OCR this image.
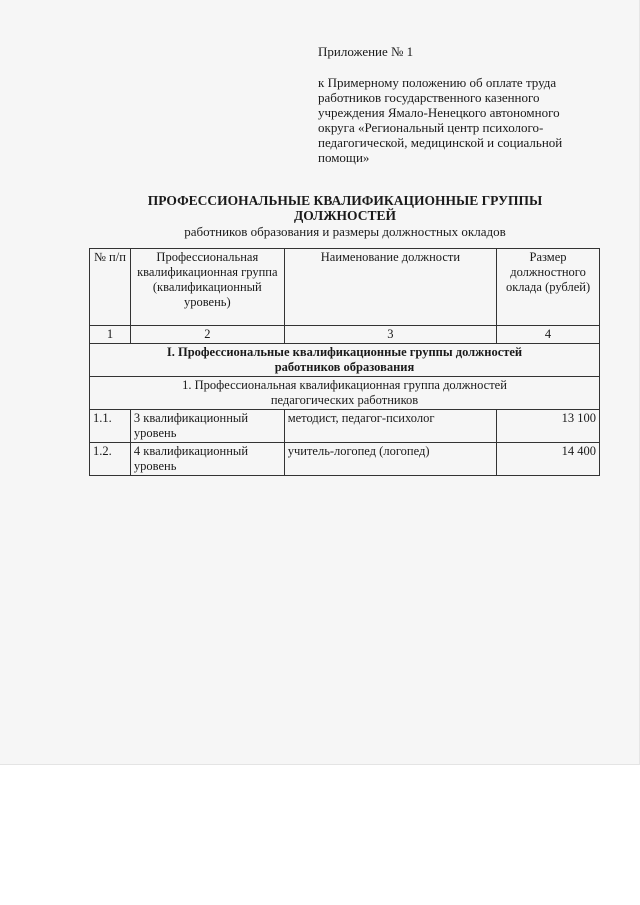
Приложение № 1

к Примерному положению об оплате труда

работников государственного казенного

учреждения Ямало-Ненецкого автономного

округа «Региональный центр психолого-

педагогической, медицинской и социальной

помощи»

ПРОФЕССИОНАЛЬНЫЕ КВАЛИФИКАЦИОННЫЕ ГРУППЫ

ДОЛЖНОСТЕЙ

работников образования и размеры должностных окладов

№ п/п	Профессиональная квалификационная группа (квалификационный уровень)	Наименование должности	Размер должностного оклада (рублей)
1	2	3	4
I. Профессиональные квалификационные группы должностей работников образования			
1. Профессиональная квалификационная группа должностей педагогических работников			
1.1.	3 квалификационный уровень	методист, педагог-психолог	13 100
1.2.	4 квалификационный уровень	учитель-логопед (логопед)	14 400
